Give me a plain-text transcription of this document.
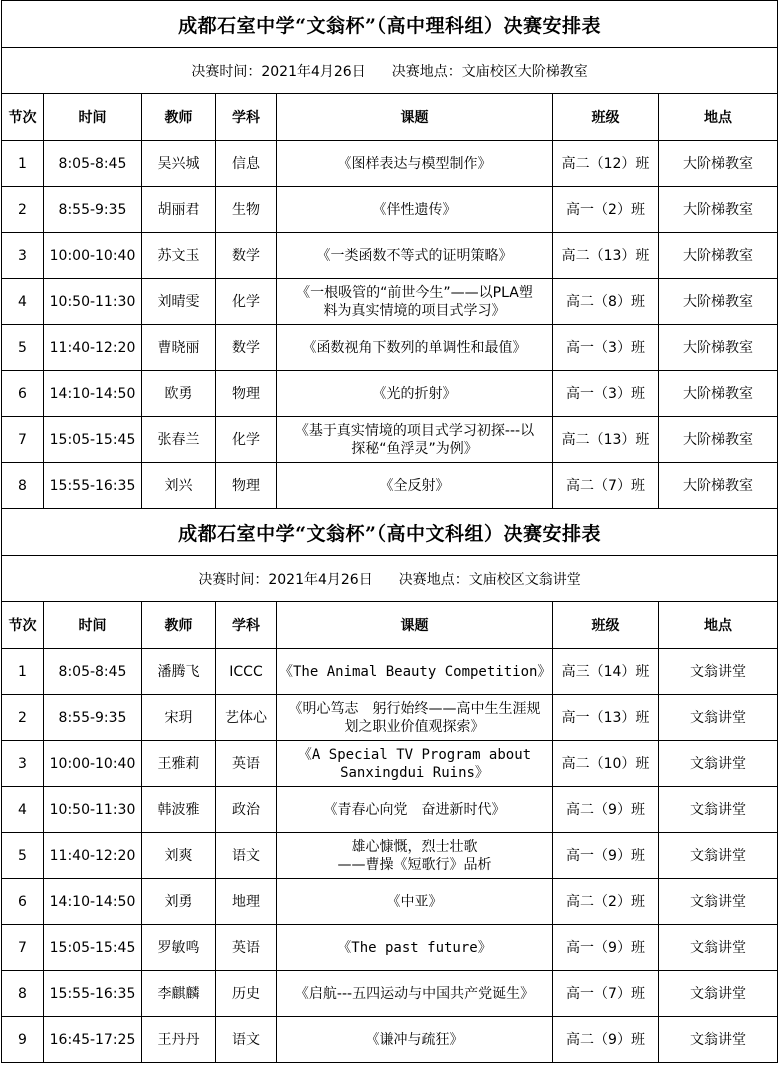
成都石室中学“文翁杯”（高中理科组）决赛安排表						
决赛时间：2021年4月26日 决赛地点：文庙校区大阶梯教室						
节次	时间	教师	学科	课题	班级	地点
1	8:05-8:45	吴兴城	信息	《图样表达与模型制作》	高二（12）班	大阶梯教室
2	8:55-9:35	胡丽君	生物	《伴性遗传》	高一（2）班	大阶梯教室
3	10:00-10:40	苏文玉	数学	《一类函数不等式的证明策略》	高二（13）班	大阶梯教室
4	10:50-11:30	刘晴雯	化学	《一根吸管的“前世今生”——以PLA塑
料为真实情境的项目式学习》	高二（8）班	大阶梯教室
5	11:40-12:20	曹晓丽	数学	《函数视角下数列的单调性和最值》	高一（3）班	大阶梯教室
6	14:10-14:50	欧勇	物理	《光的折射》	高一（3）班	大阶梯教室
7	15:05-15:45	张春兰	化学	《基于真实情境的项目式学习初探---以
探秘“鱼浮灵”为例》	高二（13）班	大阶梯教室
8	15:55-16:35	刘兴	物理	《全反射》	高二（7）班	大阶梯教室
成都石室中学“文翁杯”（高中文科组）决赛安排表						
决赛时间：2021年4月26日 决赛地点：文庙校区文翁讲堂						
节次	时间	教师	学科	课题	班级	地点
1	8:05-8:45	潘腾飞	ICCC	《The Animal Beauty Competition》	高三（14）班	文翁讲堂
2	8:55-9:35	宋玥	艺体心	《明心笃志　躬行始终——高中生生涯规
划之职业价值观探索》	高一（13）班	文翁讲堂
3	10:00-10:40	王雅莉	英语	《A Special TV Program about
Sanxingdui Ruins》	高二（10）班	文翁讲堂
4	10:50-11:30	韩波雅	政治	《青春心向党　奋进新时代》	高二（9）班	文翁讲堂
5	11:40-12:20	刘爽	语文	雄心慷慨，烈士壮歌
——曹操《短歌行》品析	高一（9）班	文翁讲堂
6	14:10-14:50	刘勇	地理	《中亚》	高二（2）班	文翁讲堂
7	15:05-15:45	罗敏鸣	英语	《The past future》	高一（9）班	文翁讲堂
8	15:55-16:35	李麒麟	历史	《启航---五四运动与中国共产党诞生》	高一（7）班	文翁讲堂
9	16:45-17:25	王丹丹	语文	《谦冲与疏狂》	高二（9）班	文翁讲堂
